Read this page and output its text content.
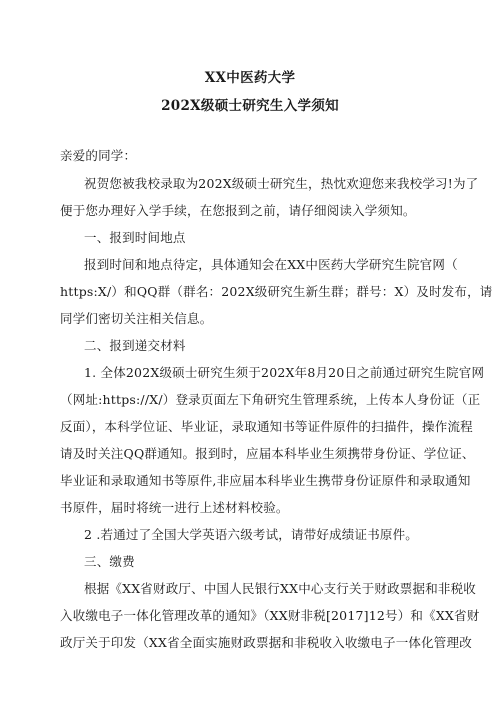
XX中医药大学
202X级硕士研究生入学须知
亲爱的同学：
祝贺您被我校录取为202X级硕士研究生，热忱欢迎您来我校学习!为了
便于您办理好入学手续，在您报到之前，请仔细阅读入学须知。
一、报到时间地点
报到时间和地点待定，具体通知会在XX中医药大学研究生院官网（
https:X/）和QQ群（群名：202X级研究生新生群；群号：X）及时发布，请
同学们密切关注相关信息。
二、报到递交材料
1. 全体202X级硕士研究生须于202X年8月20日之前通过研究生院官网
（网址:https://X/）登录页面左下角研究生管理系统，上传本人身份证（正
反面），本科学位证、毕业证，录取通知书等证件原件的扫描件，操作流程
请及时关注QQ群通知。报到时，应届本科毕业生须携带身份证、学位证、
毕业证和录取通知书等原件,非应届本科毕业生携带身份证原件和录取通知
书原件，届时将统一进行上述材料校验。
2 .若通过了全国大学英语六级考试，请带好成绩证书原件。
三、缴费
根据《XX省财政厅、中国人民银行XX中心支行关于财政票据和非税收
入收缴电子一体化管理改革的通知》（XX财非税[2017]12号）和《XX省财
政厅关于印发（XX省全面实施财政票据和非税收入收缴电子一体化管理改
